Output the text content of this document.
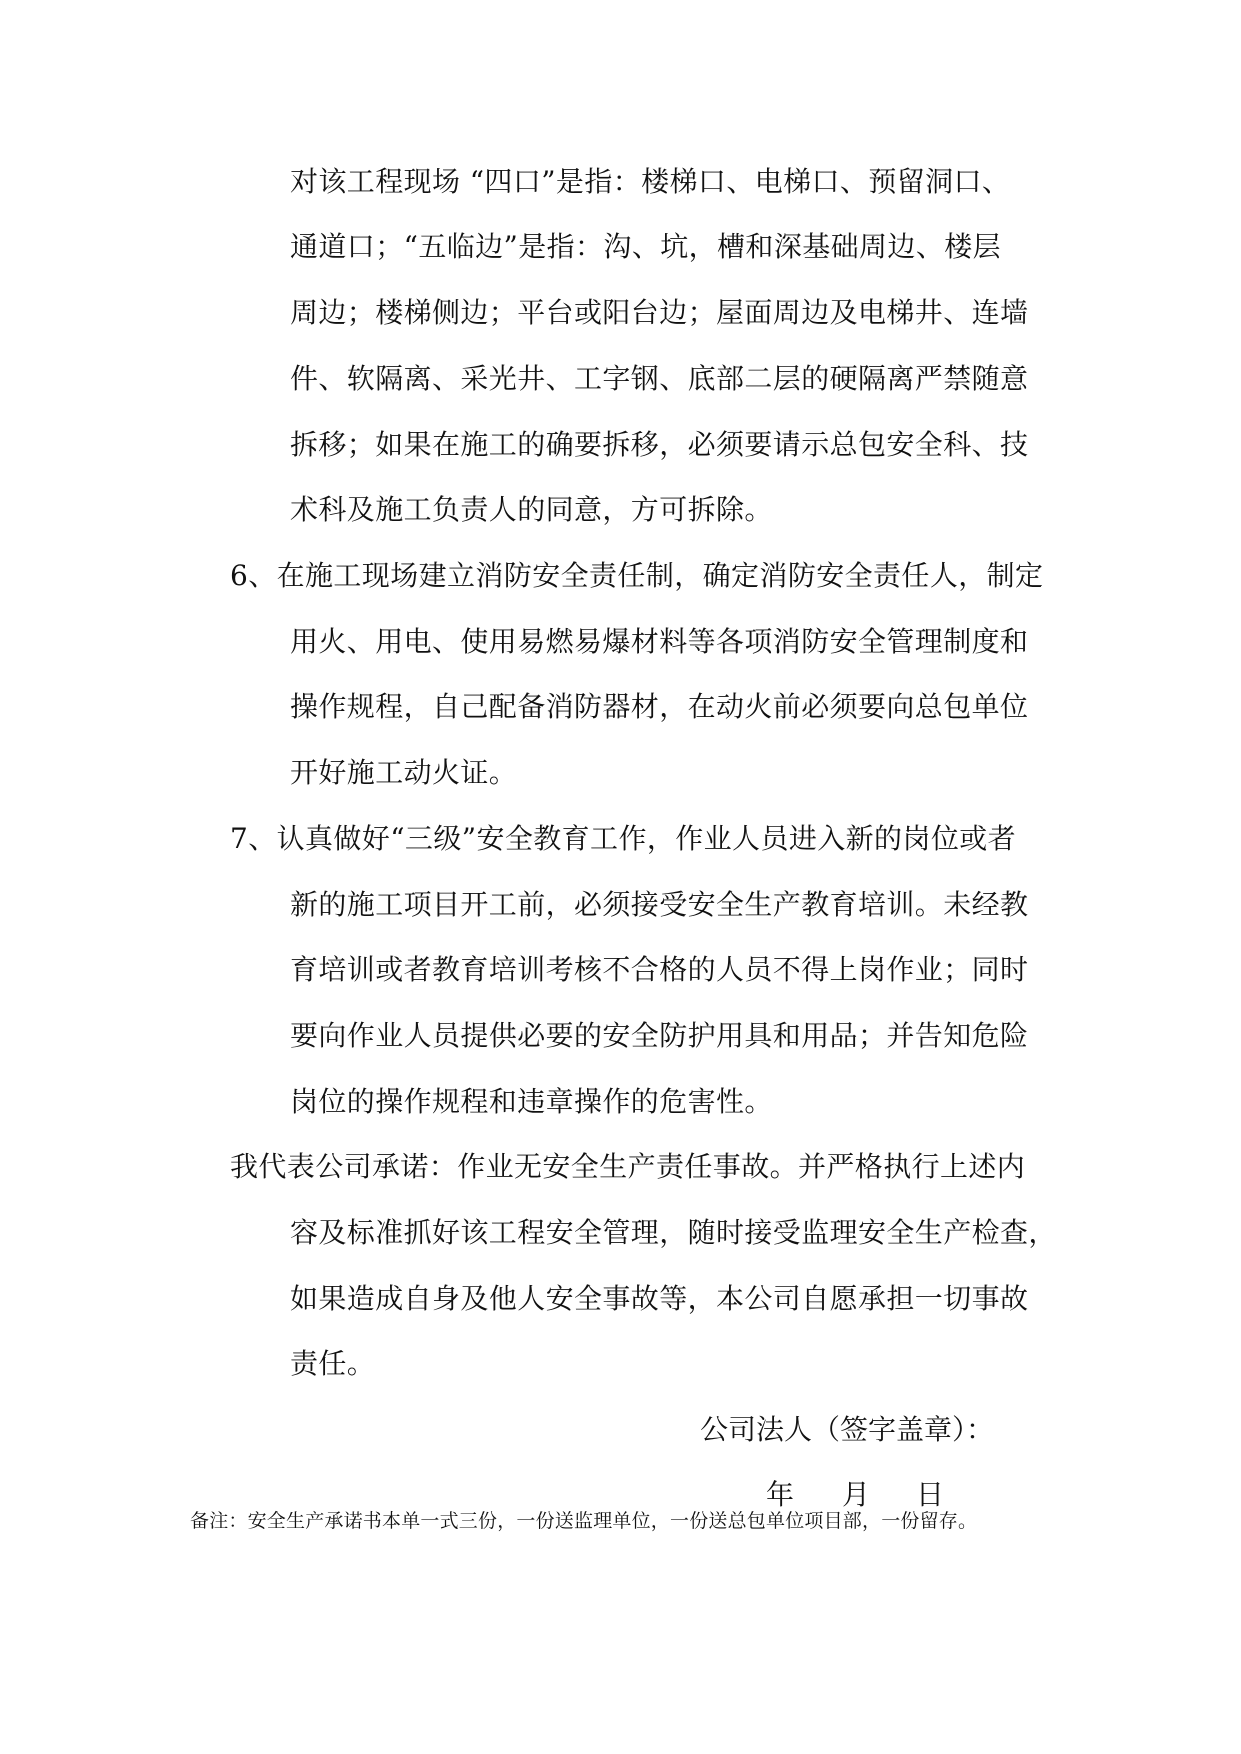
对该工程现场 “四口”是指：楼梯口、电梯口、预留洞口、
通道口；“五临边”是指：沟、坑，槽和深基础周边、楼层
周边；楼梯侧边；平台或阳台边；屋面周边及电梯井、连墙
件、软隔离、采光井、工字钢、底部二层的硬隔离严禁随意
拆移；如果在施工的确要拆移，必须要请示总包安全科、技
术科及施工负责人的同意，方可拆除。
6、在施工现场建立消防安全责任制，确定消防安全责任人，制定
用火、用电、使用易燃易爆材料等各项消防安全管理制度和
操作规程，自己配备消防器材，在动火前必须要向总包单位
开好施工动火证。
7、认真做好“三级”安全教育工作，作业人员进入新的岗位或者
新的施工项目开工前，必须接受安全生产教育培训。未经教
育培训或者教育培训考核不合格的人员不得上岗作业；同时
要向作业人员提供必要的安全防护用具和用品；并告知危险
岗位的操作规程和违章操作的危害性。
我代表公司承诺：作业无安全生产责任事故。并严格执行上述内
容及标准抓好该工程安全管理，随时接受监理安全生产检查，
如果造成自身及他人安全事故等，本公司自愿承担一切事故
责任。
公司法人（签字盖章）：
年 月 日
备注：安全生产承诺书本单一式三份，一份送监理单位，一份送总包单位项目部，一份留存。
